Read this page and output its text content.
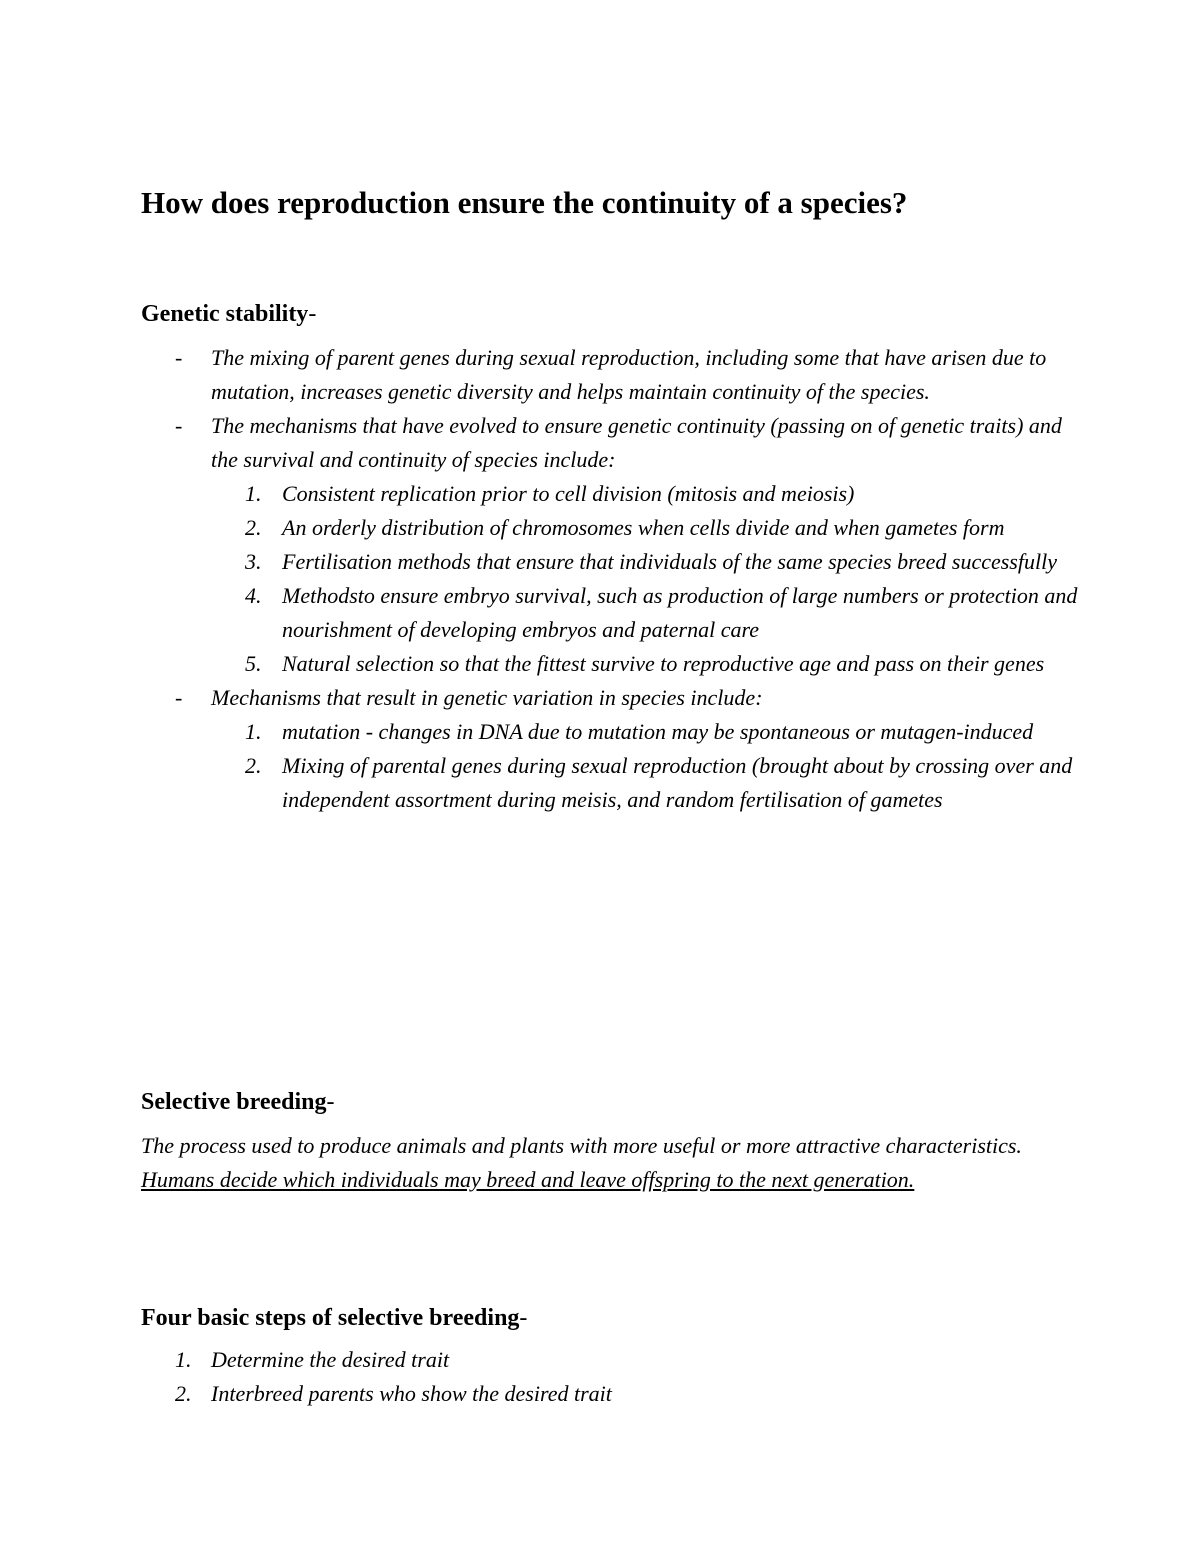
How does reproduction ensure the continuity of a species?
Genetic stability-
- The mixing of parent genes during sexual reproduction, including some that have arisen due to mutation, increases genetic diversity and helps maintain continuity of the species.
- The mechanisms that have evolved to ensure genetic continuity (passing on of genetic traits) and the survival and continuity of species include:
1. Consistent replication prior to cell division (mitosis and meiosis)
2. An orderly distribution of chromosomes when cells divide and when gametes form
3. Fertilisation methods that ensure that individuals of the same species breed successfully
4. Methodsto ensure embryo survival, such as production of large numbers or protection and nourishment of developing embryos and paternal care
5. Natural selection so that the fittest survive to reproductive age and pass on their genes
- Mechanisms that result in genetic variation in species include:
1. mutation - changes in DNA due to mutation may be spontaneous or mutagen-induced
2. Mixing of parental genes during sexual reproduction (brought about by crossing over and independent assortment during meisis, and random fertilisation of gametes
Selective breeding-

The process used to produce animals and plants with more useful or more attractive characteristics. Humans decide which individuals may breed and leave offspring to the next generation.

Four basic steps of selective breeding-
1. Determine the desired trait
2. Interbreed parents who show the desired trait
